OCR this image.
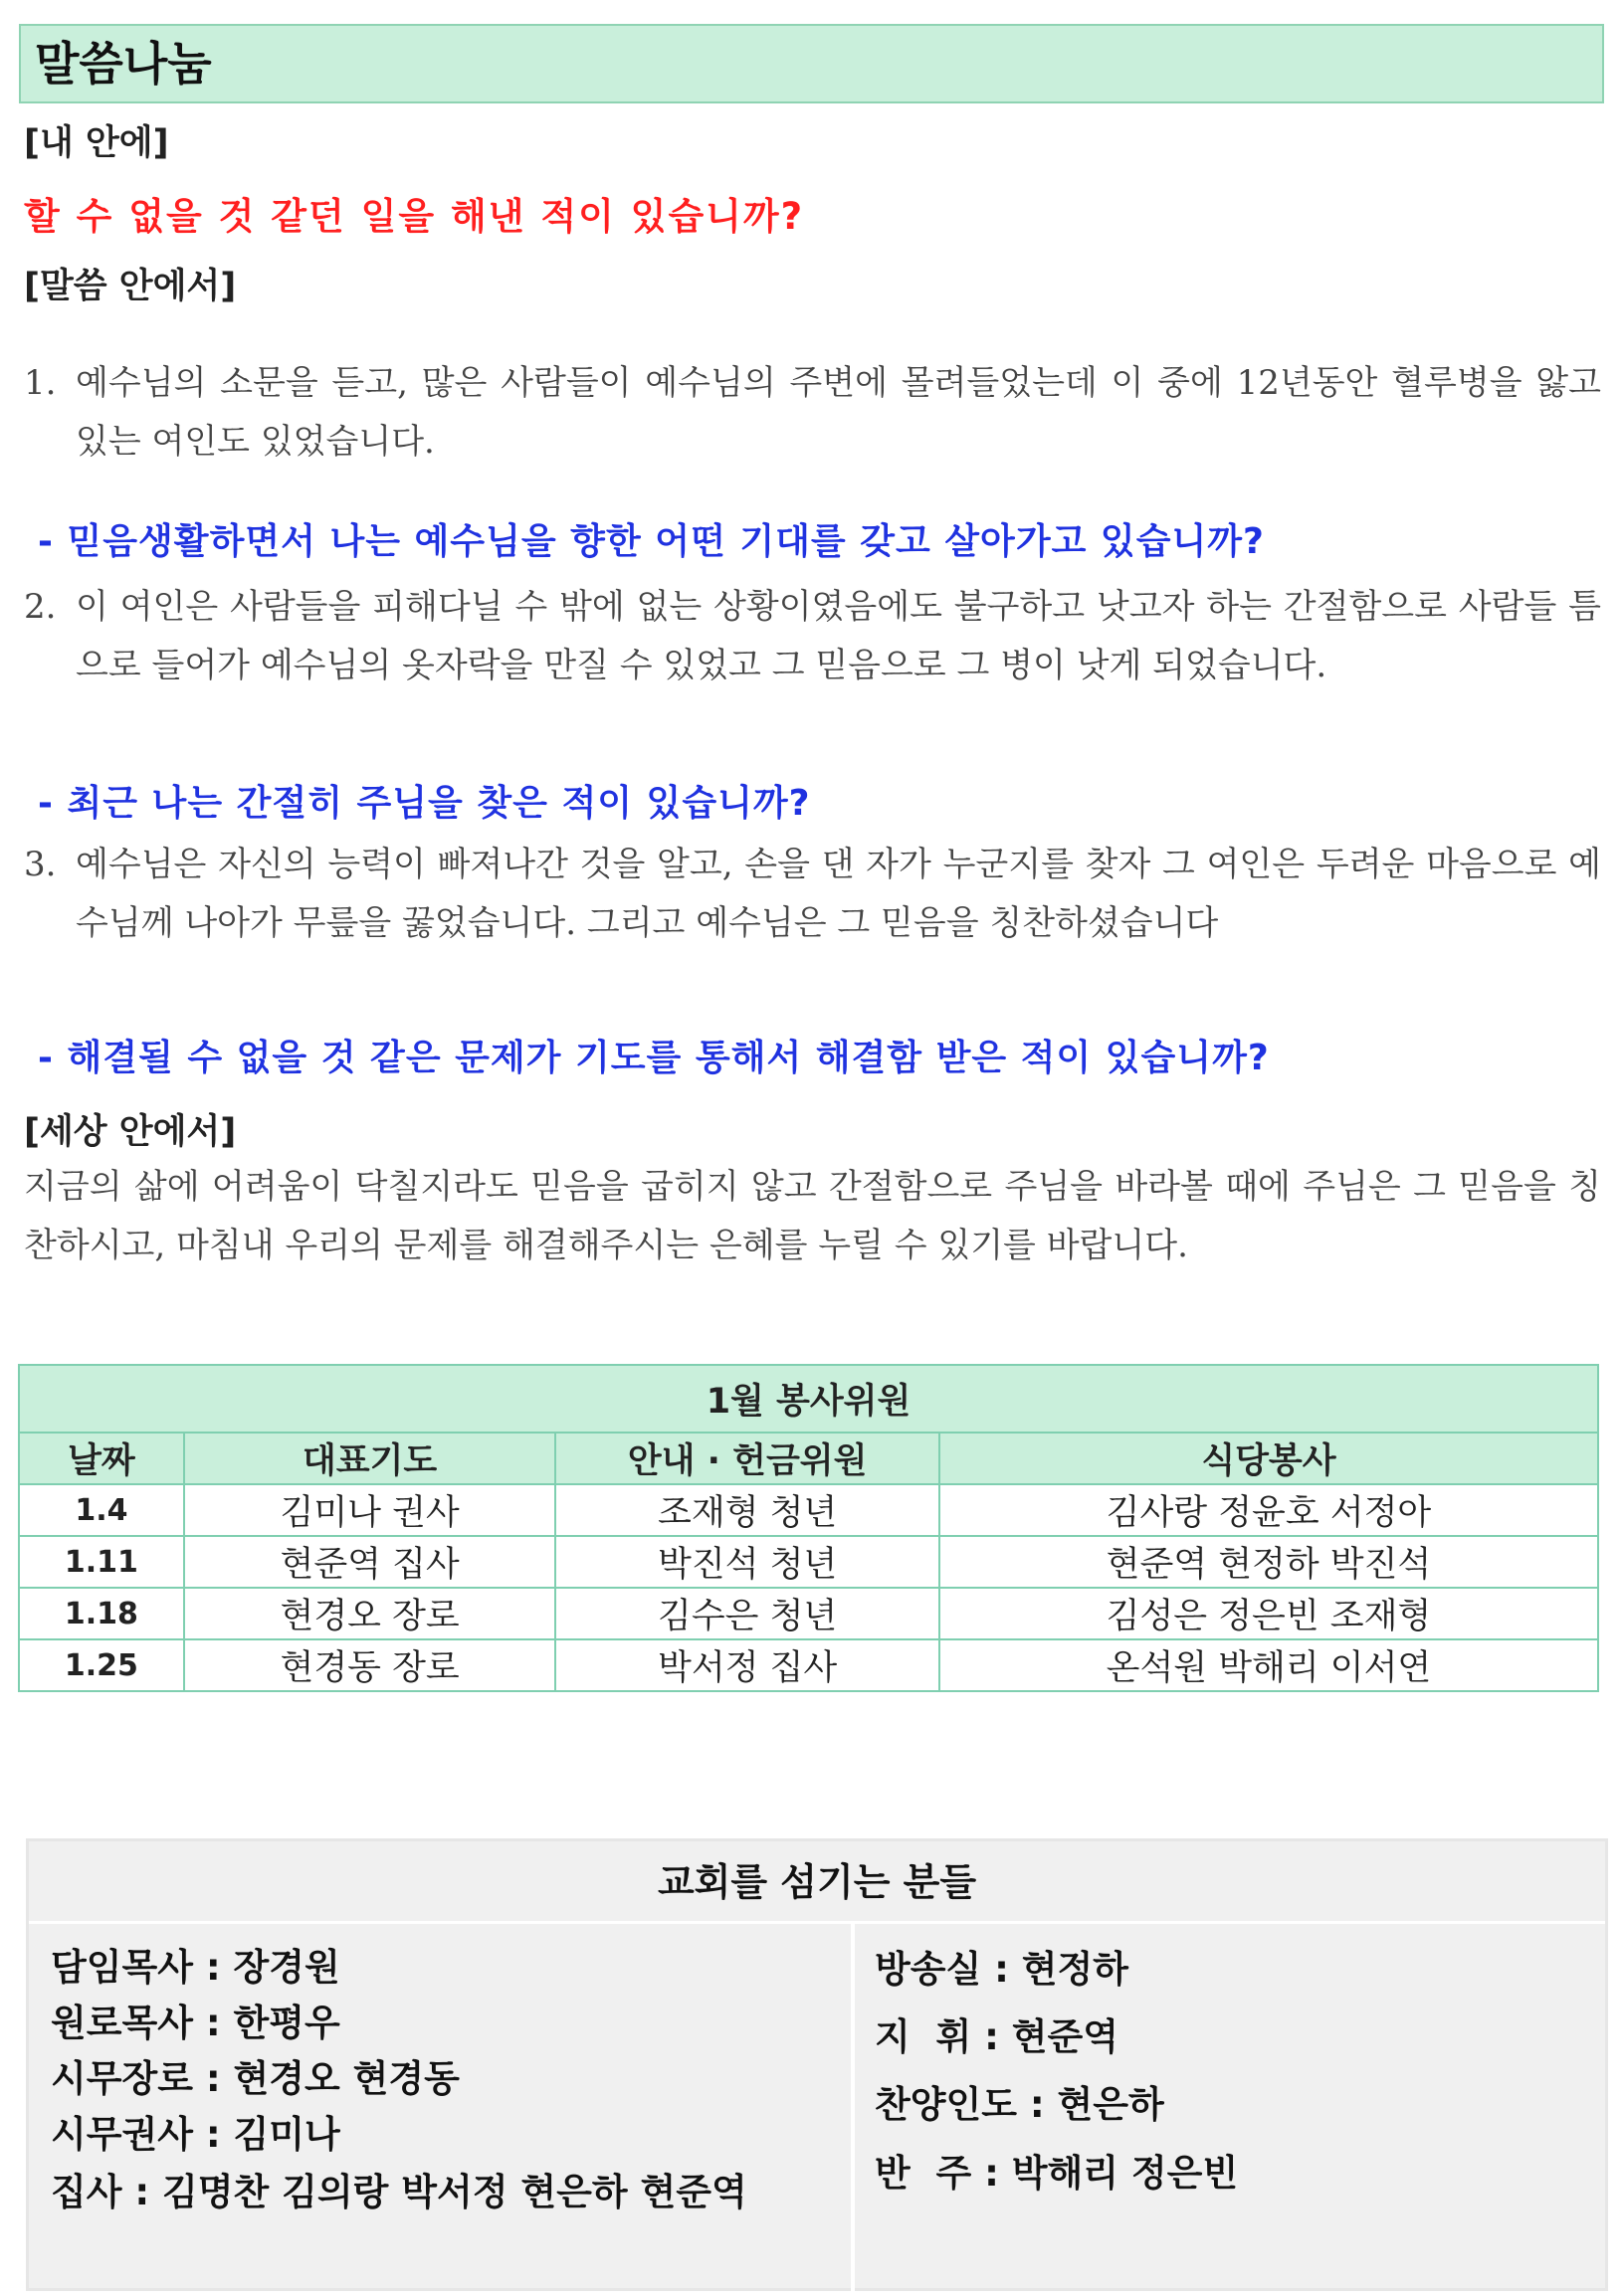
말씀나눔
[내 안에]
할 수 없을 것 같던 일을 해낸 적이 있습니까?
[말씀 안에서]
1. 예수님의 소문을 듣고, 많은 사람들이 예수님의 주변에 몰려들었는데 이 중에 12년동안 혈루병을 앓고 있는 여인도 있었습니다.

- 믿음생활하면서 나는 예수님을 향한 어떤 기대를 갖고 살아가고 있습니까?
2. 이 여인은 사람들을 피해다닐 수 밖에 없는 상황이였음에도 불구하고 낫고자 하는 간절함으로 사람들 틈으로 들어가 예수님의 옷자락을 만질 수 있었고 그 믿음으로 그 병이 낫게 되었습니다.

- 최근 나는 간절히 주님을 찾은 적이 있습니까?
3. 예수님은 자신의 능력이 빠져나간 것을 알고, 손을 댄 자가 누군지를 찾자 그 여인은 두려운 마음으로 예수님께 나아가 무릎을 꿇었습니다. 그리고 예수님은 그 믿음을 칭찬하셨습니다

- 해결될 수 없을 것 같은 문제가 기도를 통해서 해결함 받은 적이 있습니까?
[세상 안에서]

지금의 삶에 어려움이 닥칠지라도 믿음을 굽히지 않고 간절함으로 주님을 바라볼 때에 주님은 그 믿음을 칭찬하시고, 마침내 우리의 문제를 해결해주시는 은혜를 누릴 수 있기를 바랍니다.

1월 봉사위원			
날짜	대표기도	안내 · 헌금위원	식당봉사
1.4	김미나 권사	조재형 청년	김사랑 정윤호 서정아
1.11	현준역 집사	박진석 청년	현준역 현정하 박진석
1.18	현경오 장로	김수은 청년	김성은 정은빈 조재형
1.25	현경동 장로	박서정 집사	온석원 박해리 이서연
교회를 섬기는 분들
담임목사 : 장경원
원로목사 : 한평우
시무장로 : 현경오 현경동
시무권사 : 김미나
집사 : 김명찬 김의랑 박서정 현은하 현준역
방송실 : 현정하
지  휘 : 현준역
찬양인도 : 현은하
반  주 : 박해리 정은빈
